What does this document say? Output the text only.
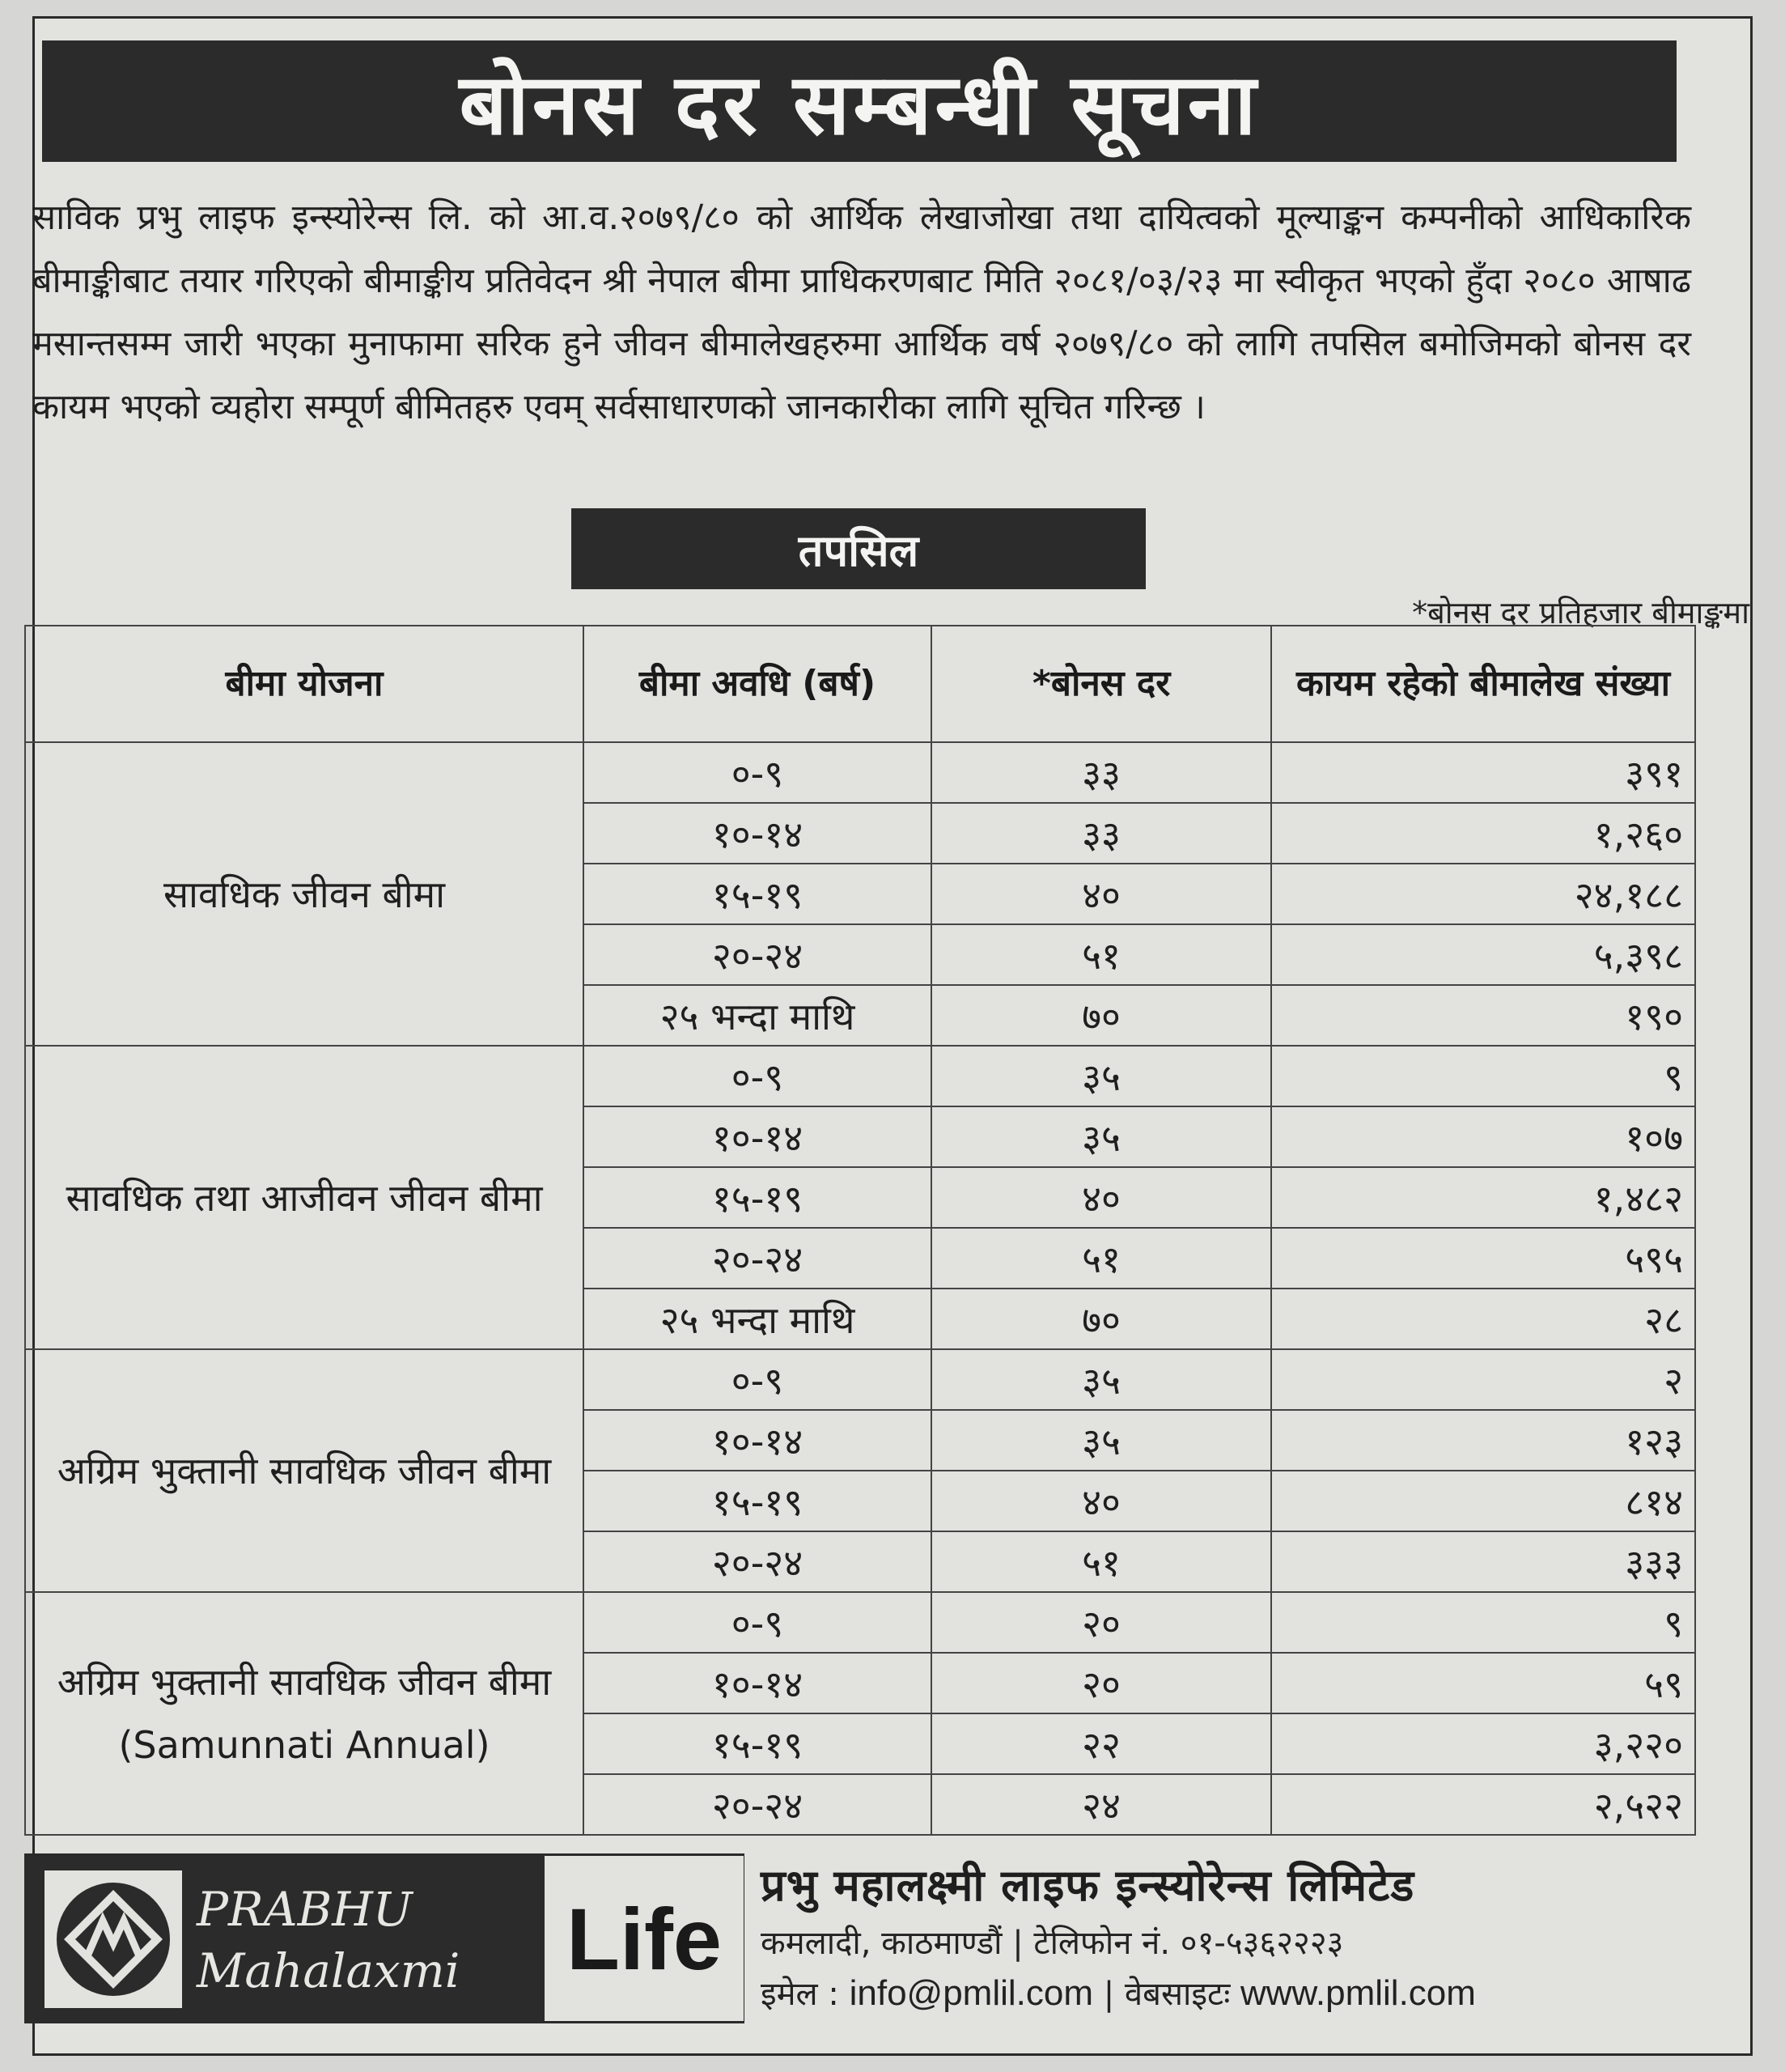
बोनस दर सम्बन्धी सूचना
साविक प्रभु लाइफ इन्स्योरेन्स लि. को आ.व.२०७९/८० को आर्थिक लेखाजोखा तथा दायित्वको मूल्याङ्कन कम्पनीको आधिकारिक बीमाङ्कीबाट तयार गरिएको बीमाङ्कीय प्रतिवेदन श्री नेपाल बीमा प्राधिकरणबाट मिति २०८१/०३/२३ मा स्वीकृत भएको हुँदा २०८० आषाढ मसान्तसम्म जारी भएका मुनाफामा सरिक हुने जीवन बीमालेखहरुमा आर्थिक वर्ष २०७९/८० को लागि तपसिल बमोजिमको बोनस दर कायम भएको व्यहोरा सम्पूर्ण बीमितहरु एवम् सर्वसाधारणको जानकारीका लागि सूचित गरिन्छ ।
तपसिल
*बोनस दर प्रतिहजार बीमाङ्कमा
बीमा योजना	बीमा अवधि (बर्ष)	*बोनस दर	कायम रहेको बीमालेख संख्या
सावधिक जीवन बीमा	०-९	३३	३९१
	१०-१४	३३	१,२६०
	१५-१९	४०	२४,१८८
	२०-२४	५१	५,३९८
	२५ भन्दा माथि	७०	१९०
सावधिक तथा आजीवन जीवन बीमा	०-९	३५	९
	१०-१४	३५	१०७
	१५-१९	४०	१,४८२
	२०-२४	५१	५९५
	२५ भन्दा माथि	७०	२८
अग्रिम भुक्तानी सावधिक जीवन बीमा	०-९	३५	२
	१०-१४	३५	१२३
	१५-१९	४०	८१४
	२०-२४	५१	३३३
अग्रिम भुक्तानी सावधिक जीवन बीमा (Samunnati Annual)	०-९	२०	९
	१०-१४	२०	५९
	१५-१९	२२	३,२२०
	२०-२४	२४	२,५२२
PRABHU
Mahalaxmi	Life
प्रभु महालक्ष्मी लाइफ इन्स्योरेन्स लिमिटेड
कमलादी, काठमाण्डौं | टेलिफोन नं. ०१-५३६२२२३
इमेल : info@pmlil.com | वेबसाइटः www.pmlil.com
